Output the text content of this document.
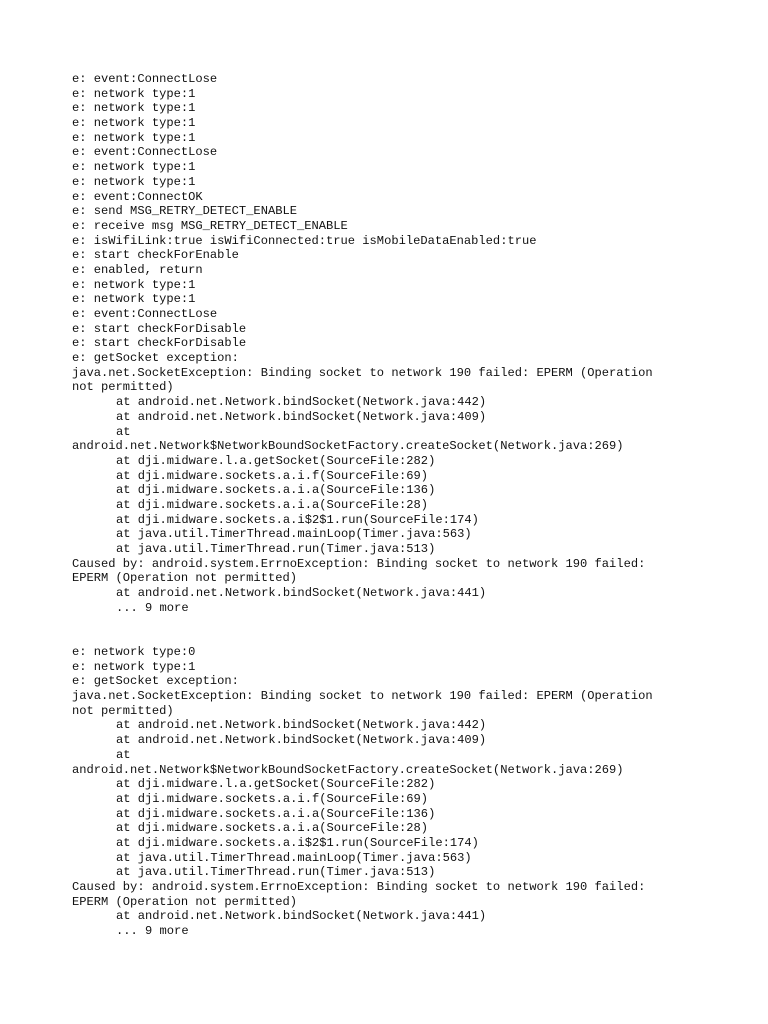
e: event:ConnectLose
e: network type:1
e: network type:1
e: network type:1
e: network type:1
e: event:ConnectLose
e: network type:1
e: network type:1
e: event:ConnectOK
e: send MSG_RETRY_DETECT_ENABLE
e: receive msg MSG_RETRY_DETECT_ENABLE
e: isWifiLink:true isWifiConnected:true isMobileDataEnabled:true
e: start checkForEnable
e: enabled, return
e: network type:1
e: network type:1
e: event:ConnectLose
e: start checkForDisable
e: start checkForDisable
e: getSocket exception:
java.net.SocketException: Binding socket to network 190 failed: EPERM (Operation
not permitted)
at android.net.Network.bindSocket(Network.java:442)
at android.net.Network.bindSocket(Network.java:409)
at
android.net.Network$NetworkBoundSocketFactory.createSocket(Network.java:269)
at dji.midware.l.a.getSocket(SourceFile:282)
at dji.midware.sockets.a.i.f(SourceFile:69)
at dji.midware.sockets.a.i.a(SourceFile:136)
at dji.midware.sockets.a.i.a(SourceFile:28)
at dji.midware.sockets.a.i$2$1.run(SourceFile:174)
at java.util.TimerThread.mainLoop(Timer.java:563)
at java.util.TimerThread.run(Timer.java:513)
Caused by: android.system.ErrnoException: Binding socket to network 190 failed:
EPERM (Operation not permitted)
at android.net.Network.bindSocket(Network.java:441)
... 9 more
e: network type:0
e: network type:1
e: getSocket exception:
java.net.SocketException: Binding socket to network 190 failed: EPERM (Operation
not permitted)
at android.net.Network.bindSocket(Network.java:442)
at android.net.Network.bindSocket(Network.java:409)
at
android.net.Network$NetworkBoundSocketFactory.createSocket(Network.java:269)
at dji.midware.l.a.getSocket(SourceFile:282)
at dji.midware.sockets.a.i.f(SourceFile:69)
at dji.midware.sockets.a.i.a(SourceFile:136)
at dji.midware.sockets.a.i.a(SourceFile:28)
at dji.midware.sockets.a.i$2$1.run(SourceFile:174)
at java.util.TimerThread.mainLoop(Timer.java:563)
at java.util.TimerThread.run(Timer.java:513)
Caused by: android.system.ErrnoException: Binding socket to network 190 failed:
EPERM (Operation not permitted)
at android.net.Network.bindSocket(Network.java:441)
... 9 more
